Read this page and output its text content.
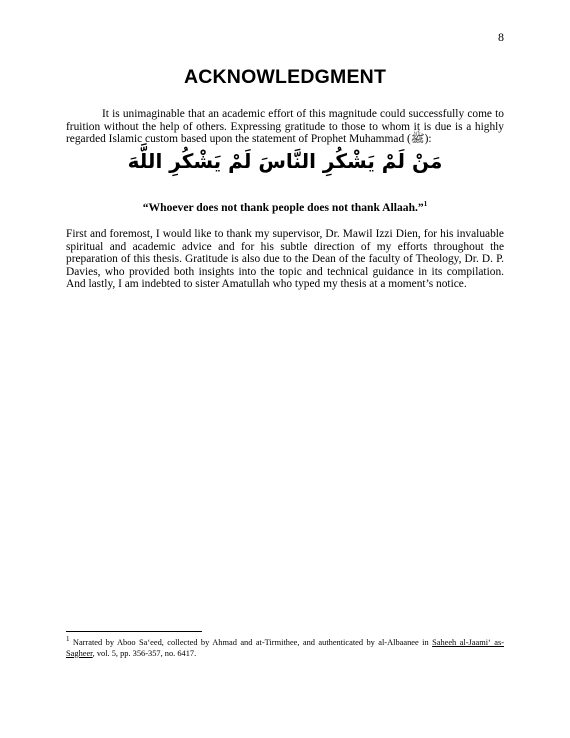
8
ACKNOWLEDGMENT

It is unimaginable that an academic effort of this magnitude could successfully come to fruition without the help of others. Expressing gratitude to those to whom it is due is a highly regarded Islamic custom based upon the statement of Prophet Muhammad (ﷺ):

مَنْ لَمْ يَشْكُرِ النَّاسَ لَمْ يَشْكُرِ اللَّهَ
“Whoever does not thank people does not thank Allaah.”$^1$

First and foremost, I would like to thank my supervisor, Dr. Mawil Izzi Dien, for his invaluable spiritual and academic advice and for his subtle direction of my efforts throughout the preparation of this thesis. Gratitude is also due to the Dean of the faculty of Theology, Dr. D. P. Davies, who provided both insights into the topic and technical guidance in its compilation. And lastly, I am indebted to sister Amatullah who typed my thesis at a moment’s notice.

$^1$ Narrated by Aboo Sa‘eed, collected by Ahmad and at-Tirmithee, and authenticated by al-Albaanee in Saheeh al-Jaami‘ as-Sagheer, vol. 5, pp. 356-357, no. 6417.
